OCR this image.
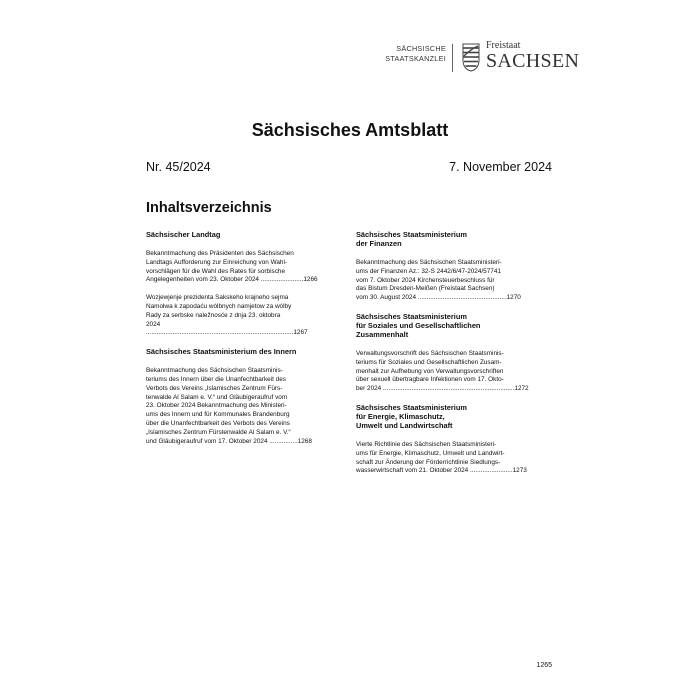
SÄCHSISCHE
STAATSKANZLEI
Freistaat
SACHSEN
Sächsisches Amtsblatt
Nr. 45/2024	7. November 2024
Inhaltsverzeichnis
Sächsischer Landtag
Bekanntmachung des Präsidenten des Sächsischen
Landtags Aufforderung zur Einreichung von Wahl-
vorschlägen für die Wahl des Rates für sorbische
Angelegenheiten vom 23. Oktober 2024 ........................1266
Wozjewjenje prezidenta Sakskeho krajneho sejma
Namołwa k zapodaću wólbnych namjetow za wólby
Rady za serbske naležnosće z dnja 23. oktobra
2024 ...................................................................................1267
Sächsisches Staatsministerium des Innern
Bekanntmachung des Sächsischen Staatsminis-
teriums des Innern über die Unanfechtbarkeit des
Verbots des Vereins „Islamisches Zentrum Fürs-
tenwalde Al Salam e. V.“ und Gläubigeraufruf vom
23. Oktober 2024 Bekanntmachung des Ministeri-
ums des Innern und für Kommunales Brandenburg
über die Unanfechtbarkeit des Verbots des Vereins
„Islamisches Zentrum Fürstenwalde Al Salam e. V.“
und Gläubigeraufruf vom 17. Oktober 2024 ................1268
Sächsisches Staatsministerium
der Finanzen
Bekanntmachung des Sächsischen Staatsministeri-
ums der Finanzen Az.: 32-S 2442/6/47-2024/57741
vom 7. Oktober 2024 Kirchensteuerbeschluss für
das Bistum Dresden-Meißen (Freistaat Sachsen)
vom 30. August 2024 ..................................................1270
Sächsisches Staatsministerium
für Soziales und Gesellschaftlichen
Zusammenhalt
Verwaltungsvorschrift des Sächsischen Staatsminis-
teriums für Soziales und Gesellschaftlichen Zusam-
menhalt zur Aufhebung von Verwaltungsvorschriften
über sexuell übertragbare Infektionen vom 17. Okto-
ber 2024 ..........................................................................1272
Sächsisches Staatsministerium
für Energie, Klimaschutz,
Umwelt und Landwirtschaft
Vierte Richtlinie des Sächsischen Staatsministeri-
ums für Energie, Klimaschutz, Umwelt und Landwirt-
schaft zur Änderung der Förderrichtlinie Siedlungs-
wasserwirtschaft vom 21. Oktober 2024 ........................1273
1265
